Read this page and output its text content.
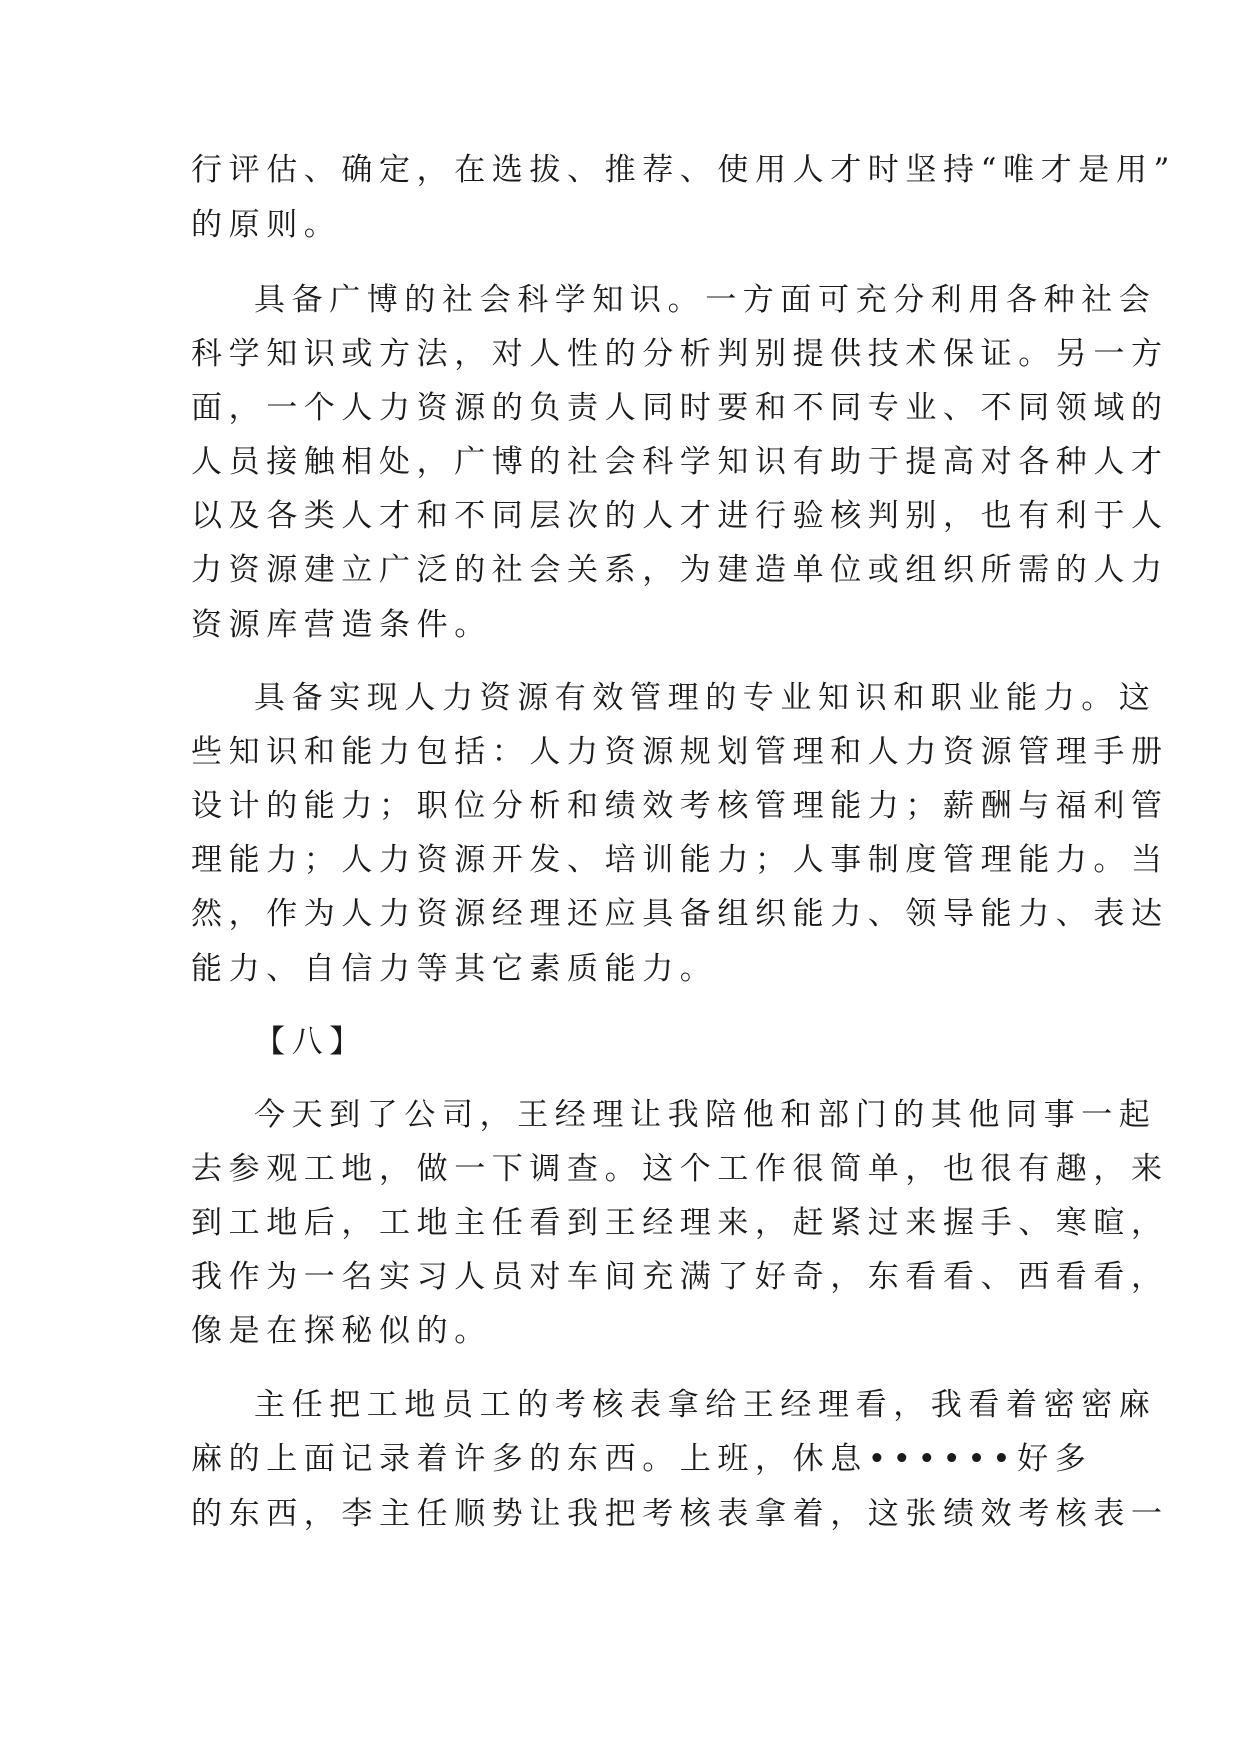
行评估、确定，在选拔、推荐、使用人才时坚持“唯才是用”
的原则。
具备广博的社会科学知识。一方面可充分利用各种社会
科学知识或方法，对人性的分析判别提供技术保证。另一方
面，一个人力资源的负责人同时要和不同专业、不同领域的
人员接触相处，广博的社会科学知识有助于提高对各种人才
以及各类人才和不同层次的人才进行验核判别，也有利于人
力资源建立广泛的社会关系，为建造单位或组织所需的人力
资源库营造条件。
具备实现人力资源有效管理的专业知识和职业能力。这
些知识和能力包括：人力资源规划管理和人力资源管理手册
设计的能力；职位分析和绩效考核管理能力；薪酬与福利管
理能力；人力资源开发、培训能力；人事制度管理能力。当
然，作为人力资源经理还应具备组织能力、领导能力、表达
能力、自信力等其它素质能力。
【八】
今天到了公司，王经理让我陪他和部门的其他同事一起
去参观工地，做一下调查。这个工作很简单，也很有趣，来
到工地后，工地主任看到王经理来，赶紧过来握手、寒暄，
我作为一名实习人员对车间充满了好奇，东看看、西看看，
像是在探秘似的。
主任把工地员工的考核表拿给王经理看，我看着密密麻
麻的上面记录着许多的东西。上班，休息••••••好多
的东西，李主任顺势让我把考核表拿着，这张绩效考核表一
